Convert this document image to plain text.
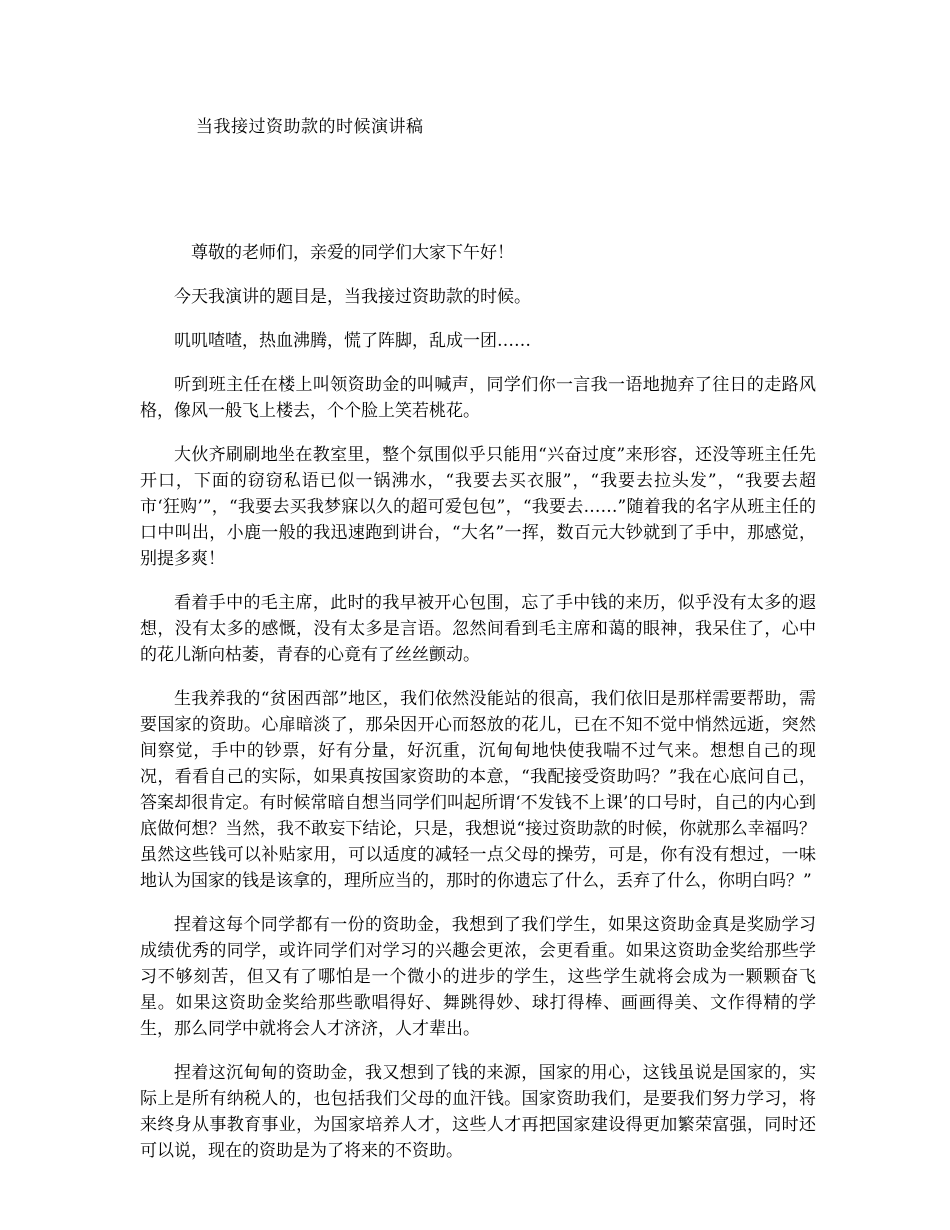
当我接过资助款的时候演讲稿

尊敬的老师们，亲爱的同学们大家下午好！

今天我演讲的题目是，当我接过资助款的时候。

叽叽喳喳，热血沸腾，慌了阵脚，乱成一团……

听到班主任在楼上叫领资助金的叫喊声，同学们你一言我一语地抛弃了往日的走路风格，像风一般飞上楼去，个个脸上笑若桃花。

大伙齐刷刷地坐在教室里，整个氛围似乎只能用“兴奋过度”来形容，还没等班主任先开口，下面的窃窃私语已似一锅沸水，“我要去买衣服”，“我要去拉头发”，“我要去超市‘狂购’”，“我要去买我梦寐以久的超可爱包包”，“我要去……”随着我的名字从班主任的口中叫出，小鹿一般的我迅速跑到讲台，“大名”一挥，数百元大钞就到了手中，那感觉，别提多爽！

看着手中的毛主席，此时的我早被开心包围，忘了手中钱的来历，似乎没有太多的遐想，没有太多的感慨，没有太多是言语。忽然间看到毛主席和蔼的眼神，我呆住了，心中的花儿渐向枯萎，青春的心竟有了丝丝颤动。

生我养我的“贫困西部”地区，我们依然没能站的很高，我们依旧是那样需要帮助，需要国家的资助。心扉暗淡了，那朵因开心而怒放的花儿，已在不知不觉中悄然远逝，突然间察觉，手中的钞票，好有分量，好沉重，沉甸甸地快使我喘不过气来。想想自己的现况，看看自己的实际，如果真按国家资助的本意，“我配接受资助吗？”我在心底问自己，答案却很肯定。有时候常暗自想当同学们叫起所谓‘不发钱不上课’的口号时，自己的内心到底做何想？当然，我不敢妄下结论，只是，我想说“接过资助款的时候，你就那么幸福吗？虽然这些钱可以补贴家用，可以适度的减轻一点父母的操劳，可是，你有没有想过，一味地认为国家的钱是该拿的，理所应当的，那时的你遗忘了什么，丢弃了什么，你明白吗？”

捏着这每个同学都有一份的资助金，我想到了我们学生，如果这资助金真是奖励学习成绩优秀的同学，或许同学们对学习的兴趣会更浓，会更看重。如果这资助金奖给那些学习不够刻苦，但又有了哪怕是一个微小的进步的学生，这些学生就将会成为一颗颗奋飞星。如果这资助金奖给那些歌唱得好、舞跳得妙、球打得棒、画画得美、文作得精的学生，那么同学中就将会人才济济，人才辈出。

捏着这沉甸甸的资助金，我又想到了钱的来源，国家的用心，这钱虽说是国家的，实际上是所有纳税人的，也包括我们父母的血汗钱。国家资助我们，是要我们努力学习，将来终身从事教育事业，为国家培养人才，这些人才再把国家建设得更加繁荣富强，同时还可以说，现在的资助是为了将来的不资助。
